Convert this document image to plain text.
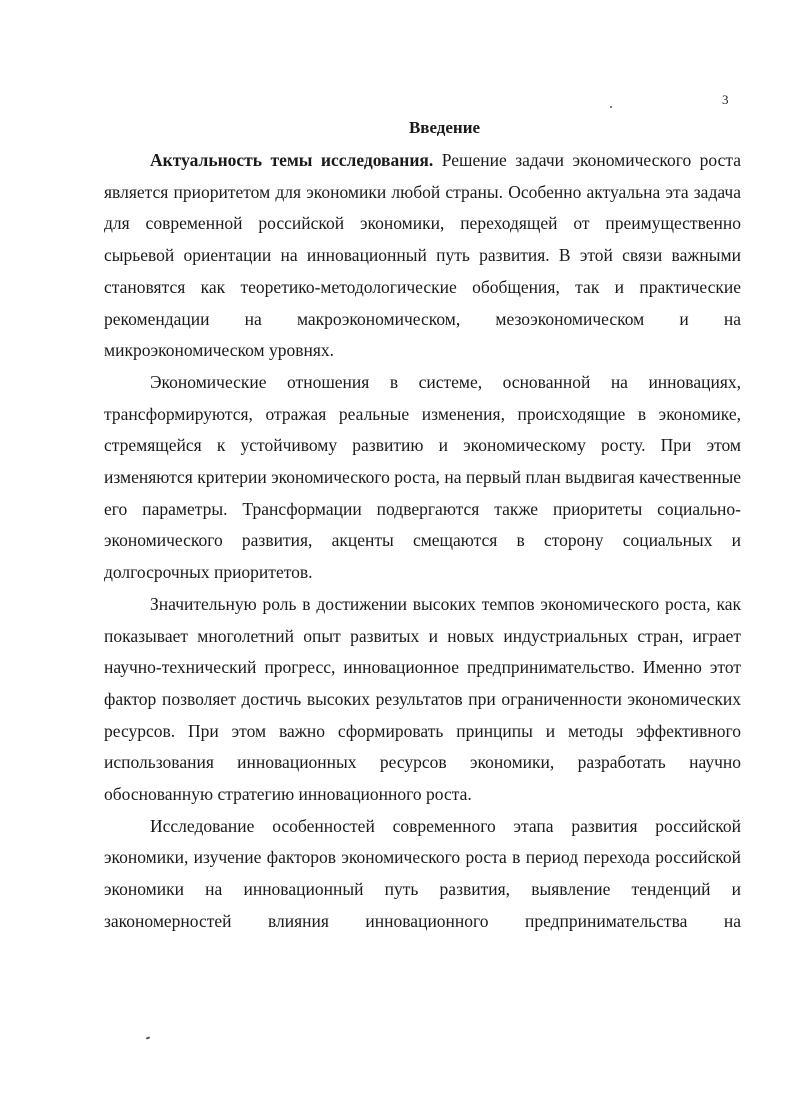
3
Введение

Актуальность темы исследования. Решение задачи экономического роста является приоритетом для экономики любой страны. Особенно актуальна эта задача для современной российской экономики, переходящей от преимущественно сырьевой ориентации на инновационный путь развития. В этой связи важными становятся как теоретико-методологические обобщения, так и практические рекомендации на макроэкономическом, мезоэкономическом и на микроэкономическом уровнях.

Экономические отношения в системе, основанной на инновациях, трансформируются, отражая реальные изменения, происходящие в экономике, стремящейся к устойчивому развитию и экономическому росту. При этом изменяются критерии экономического роста, на первый план выдвигая качественные его параметры. Трансформации подвергаются также приоритеты социально-экономического развития, акценты смещаются в сторону социальных и долгосрочных приоритетов.

Значительную роль в достижении высоких темпов экономического роста, как показывает многолетний опыт развитых и новых индустриальных стран, играет научно-технический прогресс, инновационное предпринимательство. Именно этот фактор позволяет достичь высоких результатов при ограниченности экономических ресурсов. При этом важно сформировать принципы и методы эффективного использования инновационных ресурсов экономики, разработать научно обоснованную стратегию инновационного роста.

Исследование особенностей современного этапа развития российской экономики, изучение факторов экономического роста в период перехода российской экономики на инновационный путь развития, выявление тенденций и закономерностей влияния инновационного предпринимательства на
